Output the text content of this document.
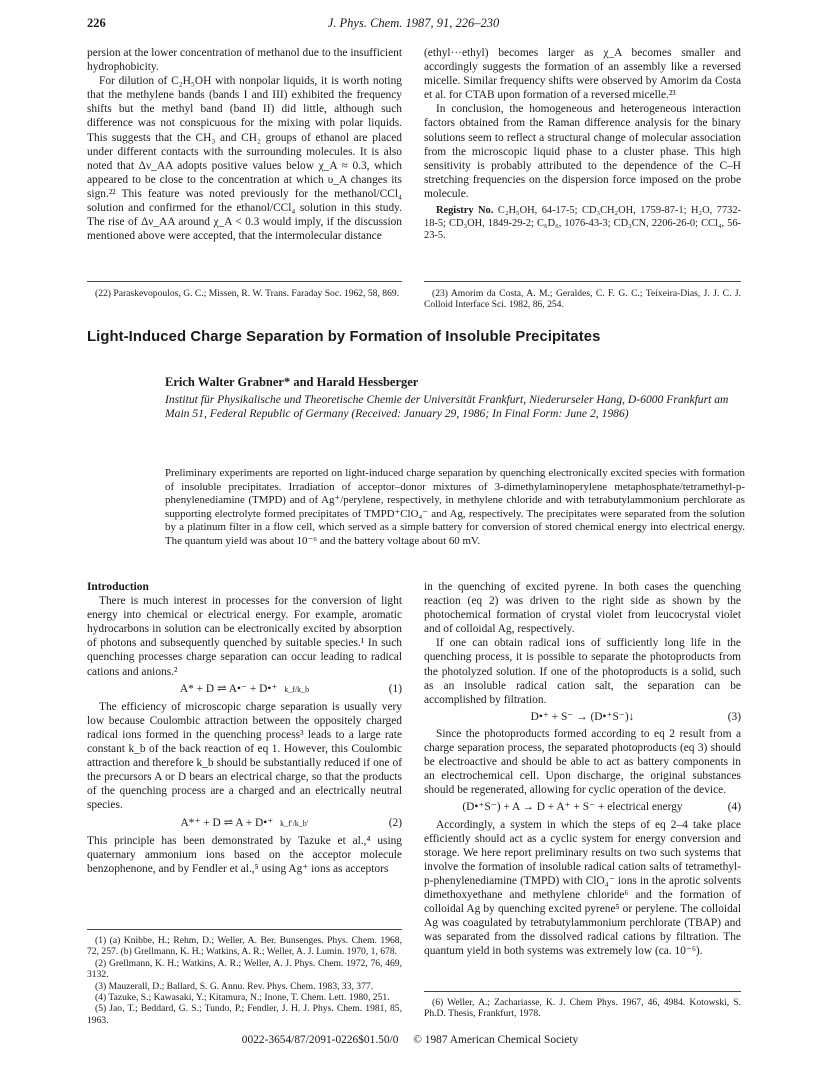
226	J. Phys. Chem. 1987, 91, 226–230

persion at the lower concentration of methanol due to the insufficient hydrophobicity.

For dilution of C₂H₅OH with nonpolar liquids, it is worth noting that the methylene bands (bands I and III) exhibited the frequency shifts but the methyl band (band II) did little, although such difference was not conspicuous for the mixing with polar liquids. This suggests that the CH₃ and CH₂ groups of ethanol are placed under different contacts with the surrounding molecules. It is also noted that Δν_AA adopts positive values below χ_A ≈ 0.3, which appeared to be close to the concentration at which υ_A changes its sign.²² This feature was noted previously for the methanol/CCl₄ solution and confirmed for the ethanol/CCl₄ solution in this study. The rise of Δν_AA around χ_A < 0.3 would imply, if the discussion mentioned above were accepted, that the intermolecular distance

(ethyl···ethyl) becomes larger as χ_A becomes smaller and accordingly suggests the formation of an assembly like a reversed micelle. Similar frequency shifts were observed by Amorim da Costa et al. for CTAB upon formation of a reversed micelle.²³

In conclusion, the homogeneous and heterogeneous interaction factors obtained from the Raman difference analysis for the binary solutions seem to reflect a structural change of molecular association from the microscopic liquid phase to a cluster phase. This high sensitivity is probably attributed to the dependence of the C–H stretching frequencies on the dispersion force imposed on the probe molecule.

Registry No. C₂H₅OH, 64-17-5; CD₃CH₂OH, 1759-87-1; H₂O, 7732-18-5; CD₃OH, 1849-29-2; C₆D₆, 1076-43-3; CD₃CN, 2206-26-0; CCl₄, 56-23-5.

(22) Paraskevopoulos, G. C.; Missen, R. W. Trans. Faraday Soc. 1962, 58, 869.	(23) Amorim da Costa, A. M.; Geraldes, C. F. G. C.; Teixeira-Dias, J. J. C. J. Colloid Interface Sci. 1982, 86, 254.

Light-Induced Charge Separation by Formation of Insoluble Precipitates
Erich Walter Grabner* and Harald Hessberger
Institut für Physikalische und Theoretische Chemie der Universität Frankfurt, Niederurseler Hang, D-6000 Frankfurt am Main 51, Federal Republic of Germany (Received: January 29, 1986; In Final Form: June 2, 1986)
Preliminary experiments are reported on light-induced charge separation by quenching electronically excited species with formation of insoluble precipitates. Irradiation of acceptor–donor mixtures of 3-dimethylaminoperylene metaphosphate/tetramethyl-p-phenylenediamine (TMPD) and of Ag⁺/perylene, respectively, in methylene chloride and with tetrabutylammonium perchlorate as supporting electrolyte formed precipitates of TMPD⁺ClO₄⁻ and Ag, respectively. The precipitates were separated from the solution by a platinum filter in a flow cell, which served as a simple battery for conversion of stored chemical energy into electrical energy. The quantum yield was about 10⁻⁶ and the battery voltage about 60 mV.
Introduction

There is much interest in processes for the conversion of light energy into chemical or electrical energy. For example, aromatic hydrocarbons in solution can be electronically excited by absorption of photons and subsequently quenched by suitable species.¹ In such quenching processes charge separation can occur leading to radical cations and anions.²

A* + D ⇌ A•⁻ + D•⁺ k_f/k_b	(1)

The efficiency of microscopic charge separation is usually very low because Coulombic attraction between the oppositely charged radical ions formed in the quenching process³ leads to a large rate constant k_b of the back reaction of eq 1. However, this Coulombic attraction and therefore k_b should be substantially reduced if one of the precursors A or D bears an electrical charge, so that the products of the quenching process are a charged and an electrically neutral species.

A*⁺ + D ⇌ A + D•⁺ k_f′/k_b′	(2)

This principle has been demonstrated by Tazuke et al.,⁴ using quaternary ammonium ions based on the acceptor molecule benzophenone, and by Fendler et al.,⁵ using Ag⁺ ions as acceptors

in the quenching of excited pyrene. In both cases the quenching reaction (eq 2) was driven to the right side as shown by the photochemical formation of crystal violet from leucocrystal violet and of colloidal Ag, respectively.

If one can obtain radical ions of sufficiently long life in the quenching process, it is possible to separate the photoproducts from the photolyzed solution. If one of the photoproducts is a solid, such as an insoluble radical cation salt, the separation can be accomplished by filtration.

D•⁺ + S⁻ → (D•⁺S⁻)↓	(3)

Since the photoproducts formed according to eq 2 result from a charge separation process, the separated photoproducts (eq 3) should be electroactive and should be able to act as battery components in an electrochemical cell. Upon discharge, the original substances should be regenerated, allowing for cyclic operation of the device.

(D•⁺S⁻) + A → D + A⁺ + S⁻ + electrical energy	(4)

Accordingly, a system in which the steps of eq 2–4 take place efficiently should act as a cyclic system for energy conversion and storage. We here report preliminary results on two such systems that involve the formation of insoluble radical cation salts of tetramethyl-p-phenylenediamine (TMPD) with ClO₄⁻ ions in the aprotic solvents dimethoxyethane and methylene chloride⁶ and the formation of colloidal Ag by quenching excited pyrene⁵ or perylene. The colloidal Ag was coagulated by tetrabutylammonium perchlorate (TBAP) and was separated from the dissolved radical cations by filtration. The quantum yield in both systems was extremely low (ca. 10⁻⁶).

(1) (a) Knibbe, H.; Rehm, D.; Weller, A. Ber. Bunsenges. Phys. Chem. 1968, 72, 257. (b) Grellmann, K. H.; Watkins, A. R.; Weller, A. J. Lumin. 1970, 1, 678.

(2) Grellmann, K. H.; Watkins, A. R.; Weller, A. J. Phys. Chem. 1972, 76, 469, 3132.

(3) Mauzerall, D.; Ballard, S. G. Annu. Rev. Phys. Chem. 1983, 33, 377.

(4) Tazuke, S.; Kawasaki, Y.; Kitamura, N.; Inone, T. Chem. Lett. 1980, 251.

(5) Jao, T.; Beddard, G. S.; Tundo, P.; Fendler, J. H. J. Phys. Chem. 1981, 85, 1963.

(6) Weller, A.; Zachariasse, K. J. Chem Phys. 1967, 46, 4984. Kotowski, S. Ph.D. Thesis, Frankfurt, 1978.

0022-3654/87/2091-0226$01.50/0 © 1987 American Chemical Society
